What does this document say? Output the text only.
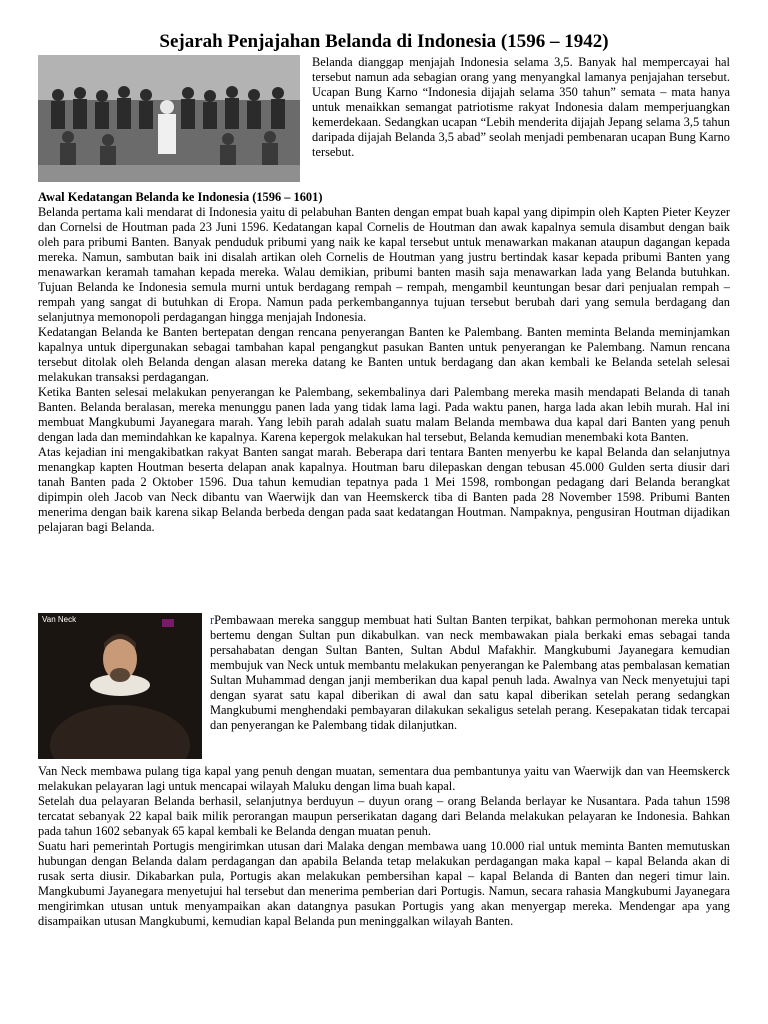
Sejarah Penjajahan Belanda di Indonesia (1596 – 1942)

Belanda dianggap menjajah Indonesia selama 3,5. Banyak hal mempercayai hal tersebut namun ada sebagian orang yang menyangkal lamanya penjajahan tersebut. Ucapan Bung Karno “Indonesia dijajah selama 350 tahun” semata – mata hanya untuk menaikkan semangat patriotisme rakyat Indonesia dalam memperjuangkan kemerdekaan. Sedangkan ucapan “Lebih menderita dijajah Jepang selama 3,5 tahun daripada dijajah Belanda 3,5 abad” seolah menjadi pembenaran ucapan Bung Karno tersebut.

Awal Kedatangan Belanda ke Indonesia (1596 – 1601)

Belanda pertama kali mendarat di Indonesia yaitu di pelabuhan Banten dengan empat buah kapal yang dipimpin oleh Kapten Pieter Keyzer dan Cornelsi de Houtman pada 23 Juni 1596. Kedatangan kapal Cornelis de Houtman dan awak kapalnya semula disambut dengan baik oleh para pribumi Banten. Banyak penduduk pribumi yang naik ke kapal tersebut untuk menawarkan makanan ataupun dagangan kepada mereka. Namun, sambutan baik ini disalah artikan oleh Cornelis de Houtman yang justru bertindak kasar kepada pribumi Banten yang menawarkan keramah tamahan kepada mereka. Walau demikian, pribumi banten masih saja menawarkan lada yang Belanda butuhkan. Tujuan Belanda ke Indonesia semula murni untuk berdagang rempah – rempah, mengambil keuntungan besar dari penjualan rempah – rempah yang sangat di butuhkan di Eropa. Namun pada perkembangannya tujuan tersebut berubah dari yang semula berdagang dan selanjutnya memonopoli perdagangan hingga menjajah Indonesia.

Kedatangan Belanda ke Banten bertepatan dengan rencana penyerangan Banten ke Palembang. Banten meminta Belanda meminjamkan kapalnya untuk dipergunakan sebagai tambahan kapal pengangkut pasukan Banten untuk penyerangan ke Palembang. Namun rencana tersebut ditolak oleh Belanda dengan alasan mereka datang ke Banten untuk berdagang dan akan kembali ke Belanda setelah selesai melakukan transaksi perdagangan.

Ketika Banten selesai melakukan penyerangan ke Palembang, sekembalinya dari Palembang mereka masih mendapati Belanda di tanah Banten. Belanda beralasan, mereka menunggu panen lada yang tidak lama lagi. Pada waktu panen, harga lada akan lebih murah. Hal ini membuat Mangkubumi Jayanegara marah. Yang lebih parah adalah suatu malam Belanda membawa dua kapal dari Banten yang penuh dengan lada dan memindahkan ke kapalnya. Karena kepergok melakukan hal tersebut, Belanda kemudian menembaki kota Banten.

Atas kejadian ini mengakibatkan rakyat Banten sangat marah. Beberapa dari tentara Banten menyerbu ke kapal Belanda dan selanjutnya menangkap kapten Houtman beserta delapan anak kapalnya. Houtman baru dilepaskan dengan tebusan 45.000 Gulden serta diusir dari tanah Banten pada 2 Oktober 1596. Dua tahun kemudian tepatnya pada 1 Mei 1598, rombongan pedagang dari Belanda berangkat dipimpin oleh Jacob van Neck dibantu van Waerwijk dan van Heemskerck tiba di Banten pada 28 November 1598. Pribumi Banten menerima dengan baik karena sikap Belanda berbeda dengan pada saat kedatangan Houtman. Nampaknya, pengusiran Houtman dijadikan pelajaran bagi Belanda.

Van Neck	rPembawaan mereka sanggup membuat hati Sultan Banten terpikat, bahkan permohonan mereka untuk bertemu dengan Sultan pun dikabulkan. van neck membawakan piala berkaki emas sebagai tanda persahabatan dengan Sultan Banten, Sultan Abdul Mafakhir. Mangkubumi Jayanegara kemudian membujuk van Neck untuk membantu melakukan penyerangan ke Palembang atas pembalasan kematian Sultan Muhammad dengan janji memberikan dua kapal penuh lada. Awalnya van Neck menyetujui tapi dengan syarat satu kapal diberikan di awal dan satu kapal diberikan setelah perang sedangkan Mangkubumi menghendaki pembayaran dilakukan sekaligus setelah perang. Kesepakatan tidak tercapai dan penyerangan ke Palembang tidak dilanjutkan.

Van Neck membawa pulang tiga kapal yang penuh dengan muatan, sementara dua pembantunya yaitu van Waerwijk dan van Heemskerck melakukan pelayaran lagi untuk mencapai wilayah Maluku dengan lima buah kapal.

Setelah dua pelayaran Belanda berhasil, selanjutnya berduyun – duyun orang – orang Belanda berlayar ke Nusantara. Pada tahun 1598 tercatat sebanyak 22 kapal baik milik perorangan maupun perserikatan dagang dari Belanda melakukan pelayaran ke Indonesia. Bahkan pada tahun 1602 sebanyak 65 kapal kembali ke Belanda dengan muatan penuh.

Suatu hari pemerintah Portugis mengirimkan utusan dari Malaka dengan membawa uang 10.000 rial untuk meminta Banten memutuskan hubungan dengan Belanda dalam perdagangan dan apabila Belanda tetap melakukan perdagangan maka kapal – kapal Belanda akan di rusak serta diusir. Dikabarkan pula, Portugis akan melakukan pembersihan kapal – kapal Belanda di Banten dan negeri timur lain. Mangkubumi Jayanegara menyetujui hal tersebut dan menerima pemberian dari Portugis. Namun, secara rahasia Mangkubumi Jayanegara mengirimkan utusan untuk menyampaikan akan datangnya pasukan Portugis yang akan menyergap mereka. Mendengar apa yang disampaikan utusan Mangkubumi, kemudian kapal Belanda pun meninggalkan wilayah Banten.
